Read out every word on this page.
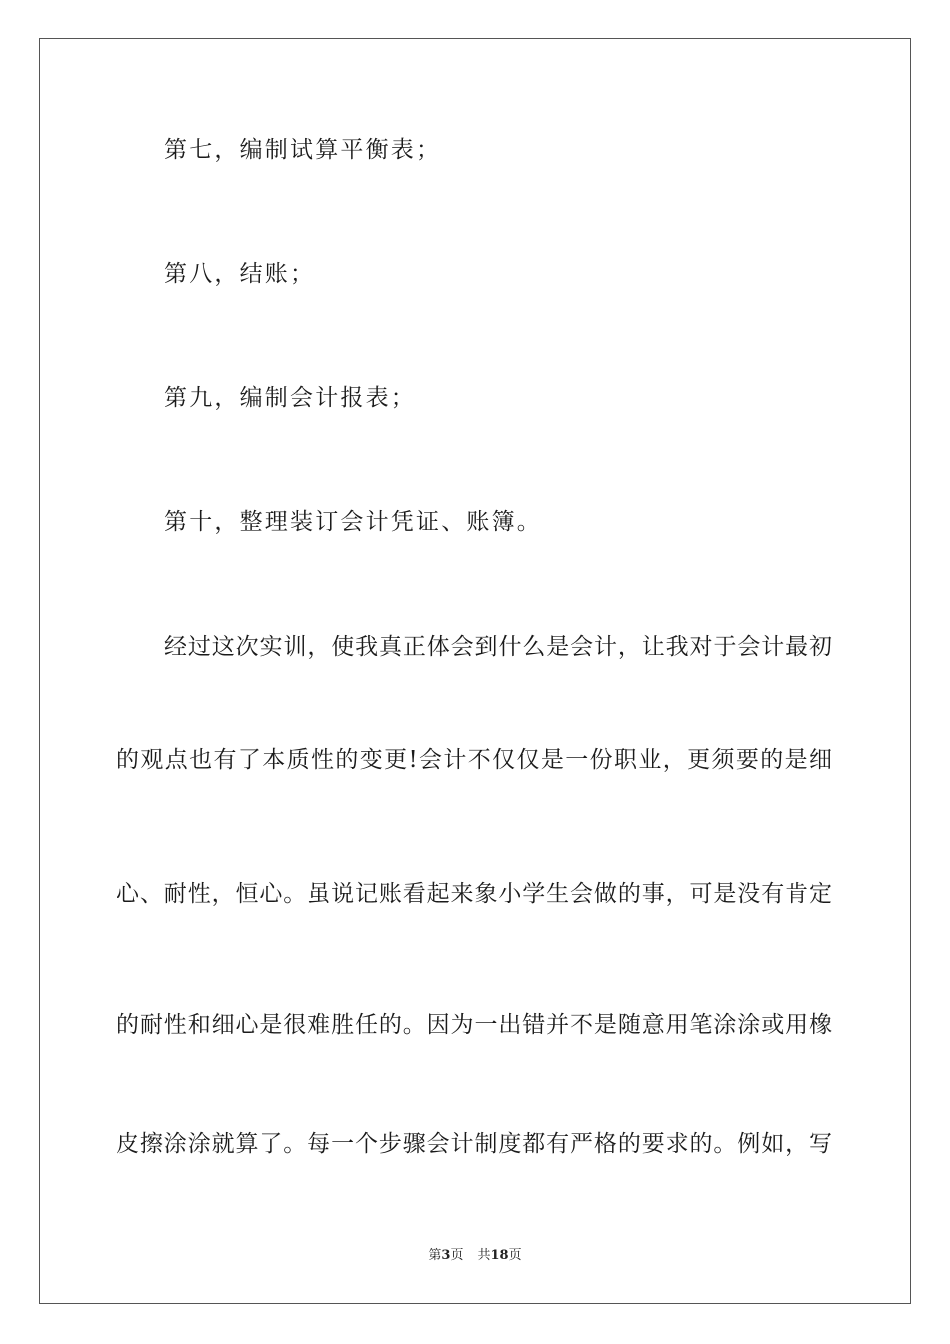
第七，编制试算平衡表；

第八，结账；

第九，编制会计报表；

第十，整理装订会计凭证、账簿。

经过这次实训，使我真正体会到什么是会计，让我对于会计最初

的观点也有了本质性的变更!会计不仅仅是一份职业，更须要的是细

心、耐性，恒心。虽说记账看起来象小学生会做的事，可是没有肯定

的耐性和细心是很难胜任的。因为一出错并不是随意用笔涂涂或用橡

皮擦涂涂就算了。每一个步骤会计制度都有严格的要求的。例如，写

第3页 共18页
